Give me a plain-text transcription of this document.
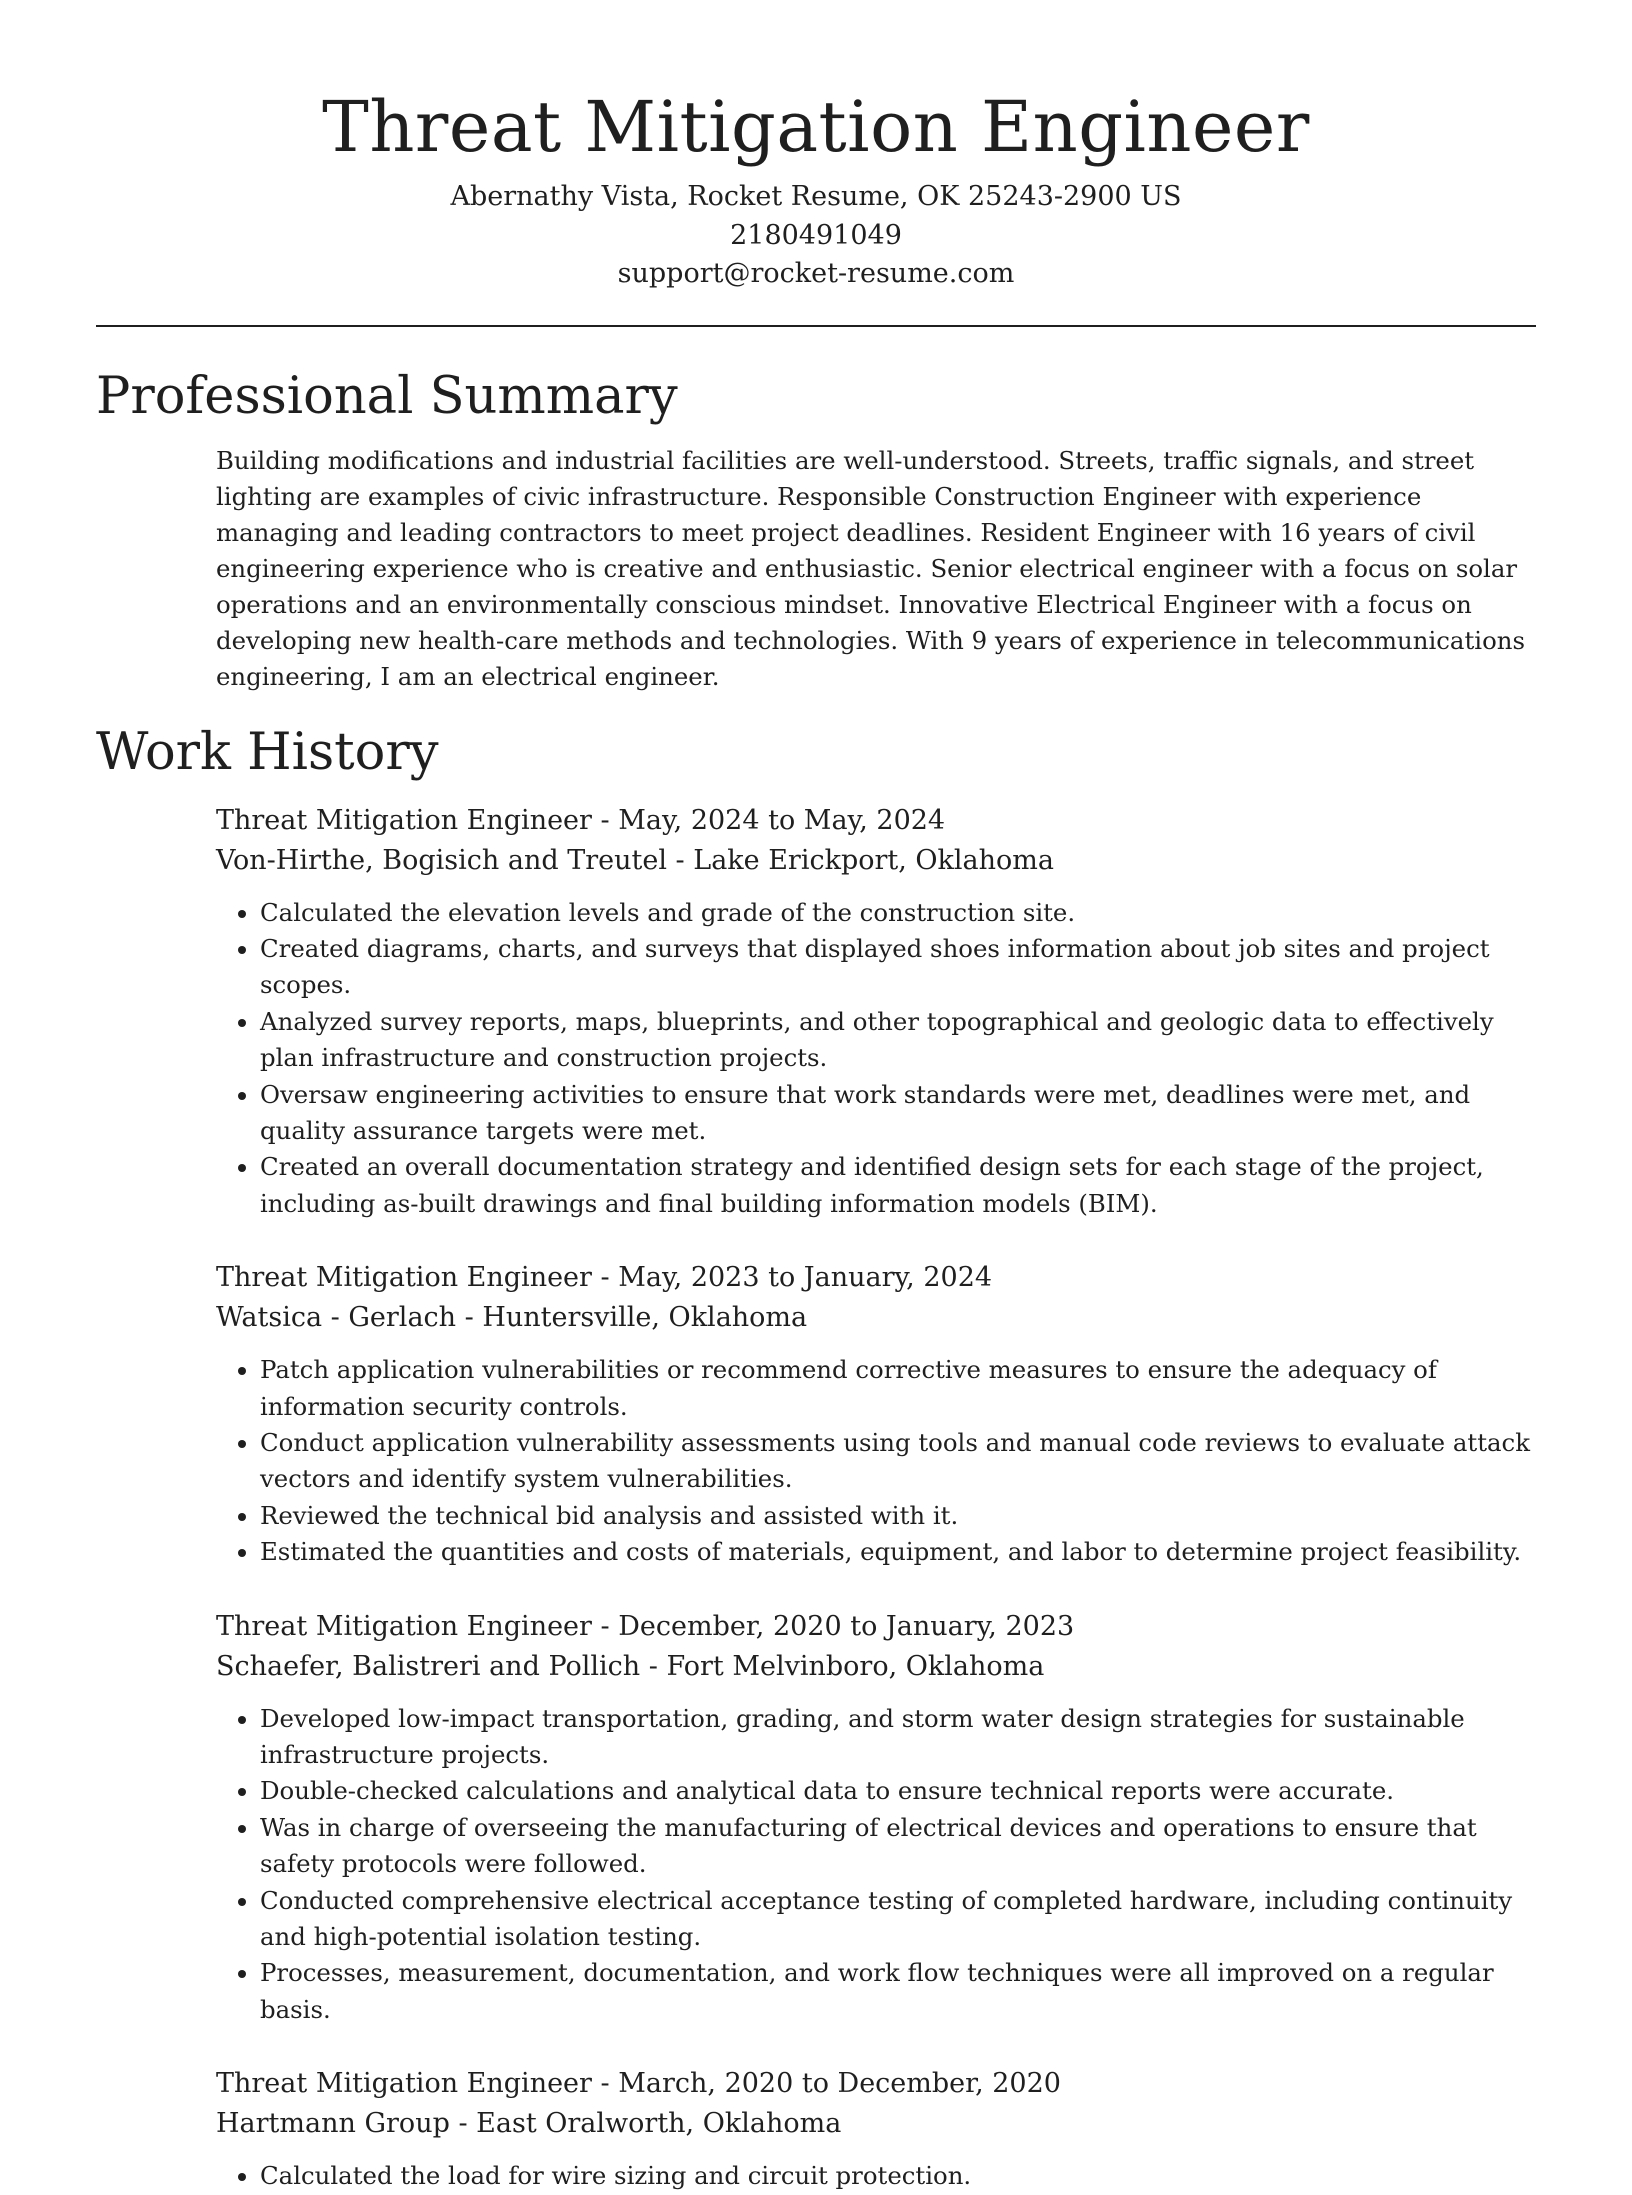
Threat Mitigation Engineer
Abernathy Vista, Rocket Resume, OK 25243-2900 US
2180491049
support@rocket-resume.com
Professional Summary
Building modifications and industrial facilities are well-understood. Streets, traffic signals, and street lighting are examples of civic infrastructure. Responsible Construction Engineer with experience managing and leading contractors to meet project deadlines. Resident Engineer with 16 years of civil engineering experience who is creative and enthusiastic. Senior electrical engineer with a focus on solar operations and an environmentally conscious mindset. Innovative Electrical Engineer with a focus on developing new health-care methods and technologies. With 9 years of experience in telecommunications engineering, I am an electrical engineer.
Work History
Threat Mitigation Engineer - May, 2024 to May, 2024
Von-Hirthe, Bogisich and Treutel - Lake Erickport, Oklahoma
• Calculated the elevation levels and grade of the construction site.
• Created diagrams, charts, and surveys that displayed shoes information about job sites and project scopes.
• Analyzed survey reports, maps, blueprints, and other topographical and geologic data to effectively plan infrastructure and construction projects.
• Oversaw engineering activities to ensure that work standards were met, deadlines were met, and quality assurance targets were met.
• Created an overall documentation strategy and identified design sets for each stage of the project, including as-built drawings and final building information models (BIM).
Threat Mitigation Engineer - May, 2023 to January, 2024
Watsica - Gerlach - Huntersville, Oklahoma
• Patch application vulnerabilities or recommend corrective measures to ensure the adequacy of information security controls.
• Conduct application vulnerability assessments using tools and manual code reviews to evaluate attack vectors and identify system vulnerabilities.
• Reviewed the technical bid analysis and assisted with it.
• Estimated the quantities and costs of materials, equipment, and labor to determine project feasibility.
Threat Mitigation Engineer - December, 2020 to January, 2023
Schaefer, Balistreri and Pollich - Fort Melvinboro, Oklahoma
• Developed low-impact transportation, grading, and storm water design strategies for sustainable infrastructure projects.
• Double-checked calculations and analytical data to ensure technical reports were accurate.
• Was in charge of overseeing the manufacturing of electrical devices and operations to ensure that safety protocols were followed.
• Conducted comprehensive electrical acceptance testing of completed hardware, including continuity and high-potential isolation testing.
• Processes, measurement, documentation, and work flow techniques were all improved on a regular basis.
Threat Mitigation Engineer - March, 2020 to December, 2020
Hartmann Group - East Oralworth, Oklahoma
• Calculated the load for wire sizing and circuit protection.
